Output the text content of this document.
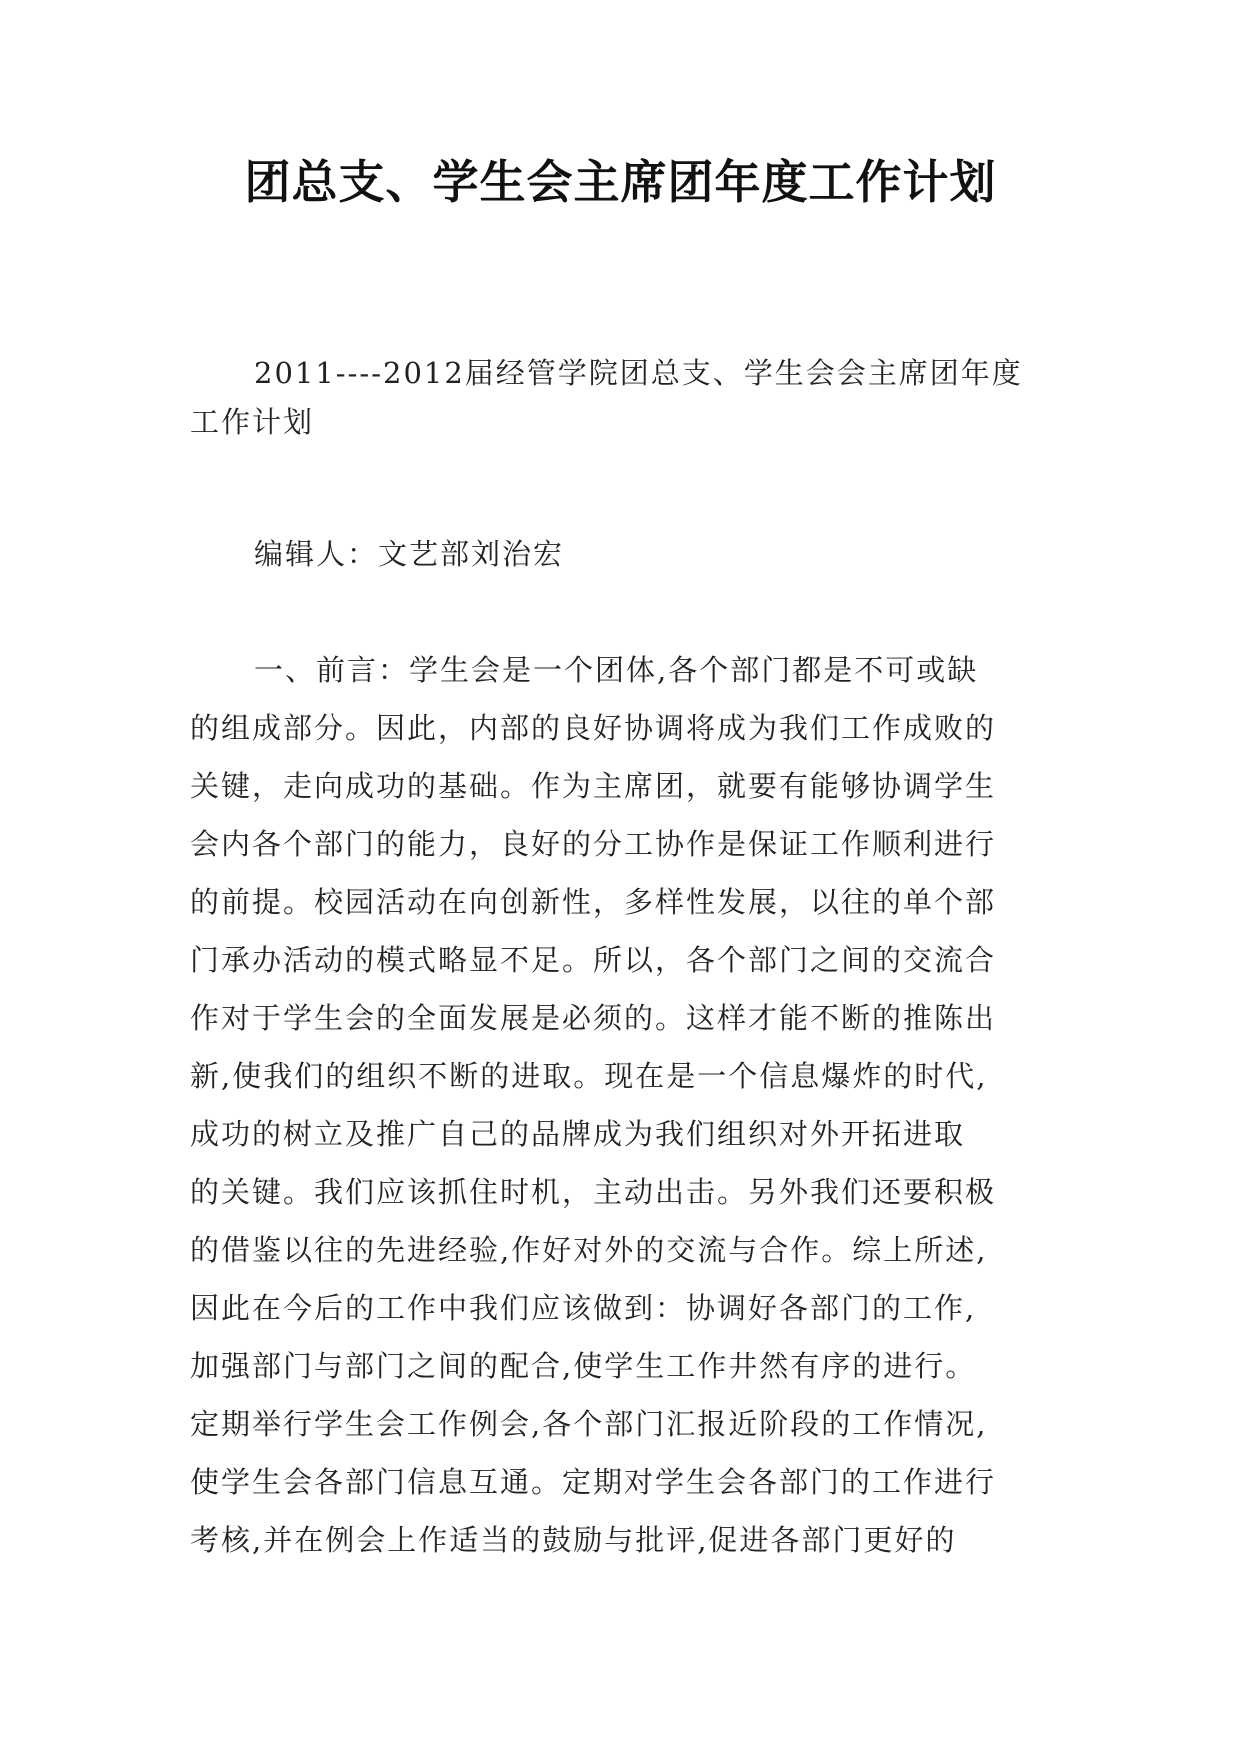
团总支、学生会主席团年度工作计划
2011----2012届经管学院团总支、学生会会主席团年度
工作计划
编辑人：文艺部刘治宏
一、前言：学生会是一个团体,各个部门都是不可或缺
的组成部分。因此，内部的良好协调将成为我们工作成败的
关键，走向成功的基础。作为主席团，就要有能够协调学生
会内各个部门的能力，良好的分工协作是保证工作顺利进行
的前提。校园活动在向创新性，多样性发展，以往的单个部
门承办活动的模式略显不足。所以，各个部门之间的交流合
作对于学生会的全面发展是必须的。这样才能不断的推陈出
新,使我们的组织不断的进取。现在是一个信息爆炸的时代,
成功的树立及推广自己的品牌成为我们组织对外开拓进取
的关键。我们应该抓住时机，主动出击。另外我们还要积极
的借鉴以往的先进经验,作好对外的交流与合作。综上所述,
因此在今后的工作中我们应该做到：协调好各部门的工作,
加强部门与部门之间的配合,使学生工作井然有序的进行。
定期举行学生会工作例会,各个部门汇报近阶段的工作情况,
使学生会各部门信息互通。定期对学生会各部门的工作进行
考核,并在例会上作适当的鼓励与批评,促进各部门更好的
